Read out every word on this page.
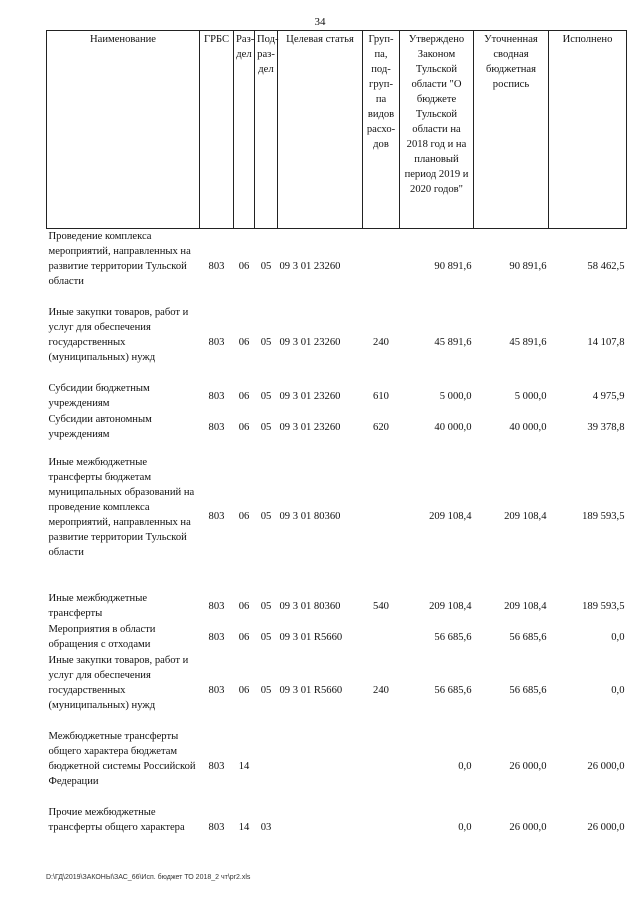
34
Наименование	ГРБС	Раз-дел	Под-раз-дел	Целевая статья	Груп-па, под-груп-па видов расхо-дов	Утверждено Законом Тульской области "О бюджете Тульской области на 2018 год и на плановый период 2019 и 2020 годов"	Уточненная сводная бюджетная роспись	Исполнено
Проведение комплекса мероприятий, направленных на развитие территории Тульской области	803	06	05	09 3 01 23260		90 891,6	90 891,6	58 462,5
Иные закупки товаров, работ и услуг для обеспечения государственных (муниципальных) нужд	803	06	05	09 3 01 23260	240	45 891,6	45 891,6	14 107,8
Субсидии бюджетным учреждениям	803	06	05	09 3 01 23260	610	5 000,0	5 000,0	4 975,9
Субсидии автономным учреждениям	803	06	05	09 3 01 23260	620	40 000,0	40 000,0	39 378,8

Иные межбюджетные трансферты бюджетам муниципальных образований на проведение комплекса мероприятий, направленных на развитие территории Тульской области	803	06	05	09 3 01 80360		209 108,4	209 108,4	189 593,5

Иные межбюджетные трансферты	803	06	05	09 3 01 80360	540	209 108,4	209 108,4	189 593,5
Мероприятия в области обращения с отходами	803	06	05	09 3 01 R5660		56 685,6	56 685,6	0,0
Иные закупки товаров, работ и услуг для обеспечения государственных (муниципальных) нужд	803	06	05	09 3 01 R5660	240	56 685,6	56 685,6	0,0
Межбюджетные трансферты общего характера бюджетам бюджетной системы Российской Федерации	803	14				0,0	26 000,0	26 000,0
Прочие межбюджетные трансферты общего характера	803	14	03			0,0	26 000,0	26 000,0
D:\ГД\2019\ЗАКОНЫ\ЗАС_66\Исп. бюджет ТО 2018_2 чт\pr2.xls
